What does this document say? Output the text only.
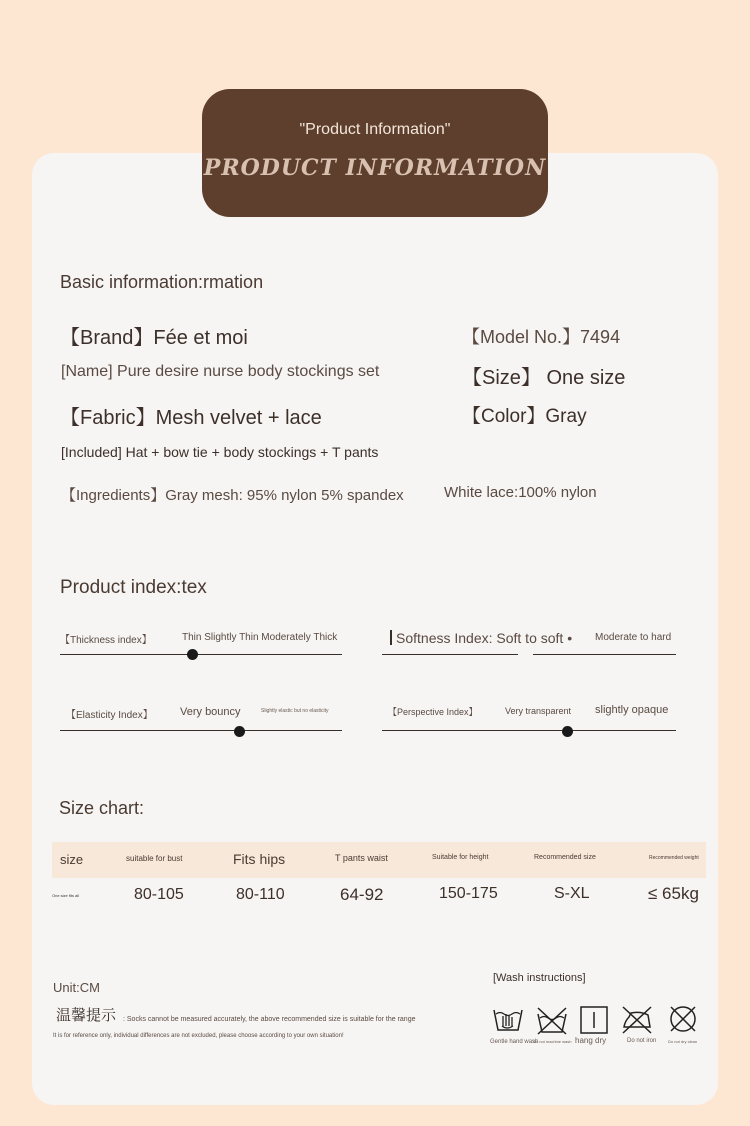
"Product Information"
PRODUCT INFORMATION
Basic information:rmation
【Brand】Fée et moi	【Model No.】7494
[Name] Pure desire nurse body stockings set	【Size】 One size
【Fabric】Mesh velvet + lace	【Color】Gray
[Included] Hat + bow tie + body stockings + T pants
【Ingredients】Gray mesh: 95% nylon 5% spandex	White lace:100% nylon
Product index:tex
【Thickness index】	Thin Slightly Thin Moderately Thick	Softness Index: Soft to soft • Moderate to hard
【Elasticity Index】 Very bouncy	Slightly elastic but no elasticity	【Perspective Index】	Very transparent slightly opaque
Size chart:
size	suitable for bust	Fits hips	T pants waist	Suitable for height	Recommended size	Recommended weight
One size fits all	80-105	80-110	64-92	150-175	S-XL	≤ 65kg
Unit:CM
温馨提示 : Socks cannot be measured accurately, the above recommended size is suitable for the range
It is for reference only, individual differences are not excluded, please choose according to your own situation!
[Wash instructions]
Gentle hand wash
Do not machine wash hang dry	Do not iron	Do not dry clean
